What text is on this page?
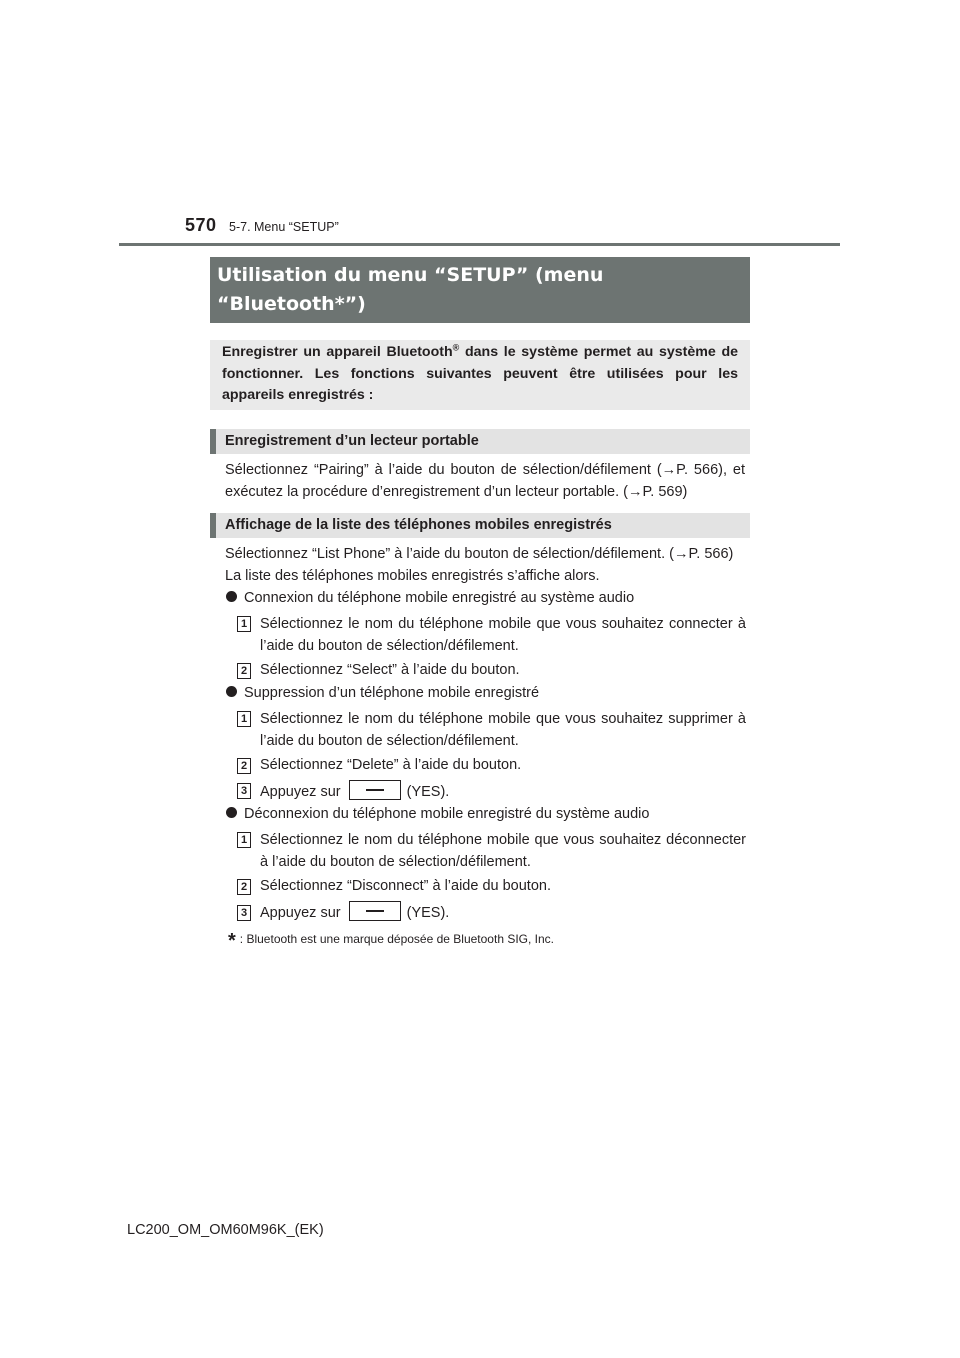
570 5-7. Menu “SETUP”
Utilisation du menu “SETUP” (menu
“Bluetooth*”)
Enregistrer un appareil Bluetooth® dans le système permet au système de fonctionner. Les fonctions suivantes peuvent être utilisées pour les appareils enregistrés :
Enregistrement d’un lecteur portable
Sélectionnez “Pairing” à l’aide du bouton de sélection/défilement (→P. 566), et exécutez la procédure d’enregistrement d’un lecteur portable. (→P. 569)
Affichage de la liste des téléphones mobiles enregistrés
Sélectionnez “List Phone” à l’aide du bouton de sélection/défilement. (→P. 566)
La liste des téléphones mobiles enregistrés s’affiche alors.
Connexion du téléphone mobile enregistré au système audio
1 Sélectionnez le nom du téléphone mobile que vous souhaitez connecter à l’aide du bouton de sélection/défilement.
2 Sélectionnez “Select” à l’aide du bouton.
Suppression d’un téléphone mobile enregistré
1 Sélectionnez le nom du téléphone mobile que vous souhaitez supprimer à l’aide du bouton de sélection/défilement.
2 Sélectionnez “Delete” à l’aide du bouton.
3 Appuyez sur	(YES).
Déconnexion du téléphone mobile enregistré du système audio
1 Sélectionnez le nom du téléphone mobile que vous souhaitez déconnecter à l’aide du bouton de sélection/défilement.
2 Sélectionnez “Disconnect” à l’aide du bouton.
3 Appuyez sur	(YES).
* : Bluetooth est une marque déposée de Bluetooth SIG, Inc.
LC200_OM_OM60M96K_(EK)
